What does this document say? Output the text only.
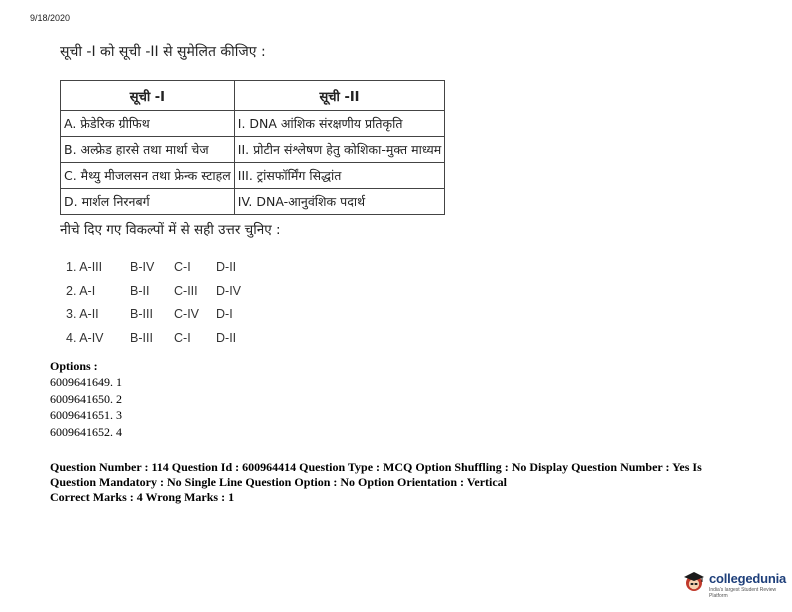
9/18/2020
सूची -I को सूची -II से सुमेलित कीजिए :
सूची -I	सूची -II
A. फ्रेडेरिक ग्रीफिथ	I. DNA आंशिक संरक्षणीय प्रतिकृति
B. अल्फ्रेड हारसे तथा मार्था चेज	II. प्रोटीन संश्लेषण हेतु कोशिका-मुक्त माध्यम
C. मैथ्यु मीजलसन तथा फ्रेन्क स्टाहल	III. ट्रांसफॉर्मिंग सिद्धांत
D. मार्शल निरनबर्ग	IV. DNA-आनुवंशिक पदार्थ
नीचे दिए गए विकल्पों में से सही उत्तर चुनिए :
1. A-III B-IV C-I D-II
2. A-I	B-II C-III D-IV
3. A-II	B-III C-IV D-I
4. A-IV B-III C-I D-II
Options :
6009641649. 1
6009641650. 2
6009641651. 3
6009641652. 4
Question Number : 114 Question Id : 600964414 Question Type : MCQ Option Shuffling : No Display Question Number : Yes Is
Question Mandatory : No Single Line Question Option : No Option Orientation : Vertical
Correct Marks : 4 Wrong Marks : 1
collegedunia
India's largest Student Review Platform
